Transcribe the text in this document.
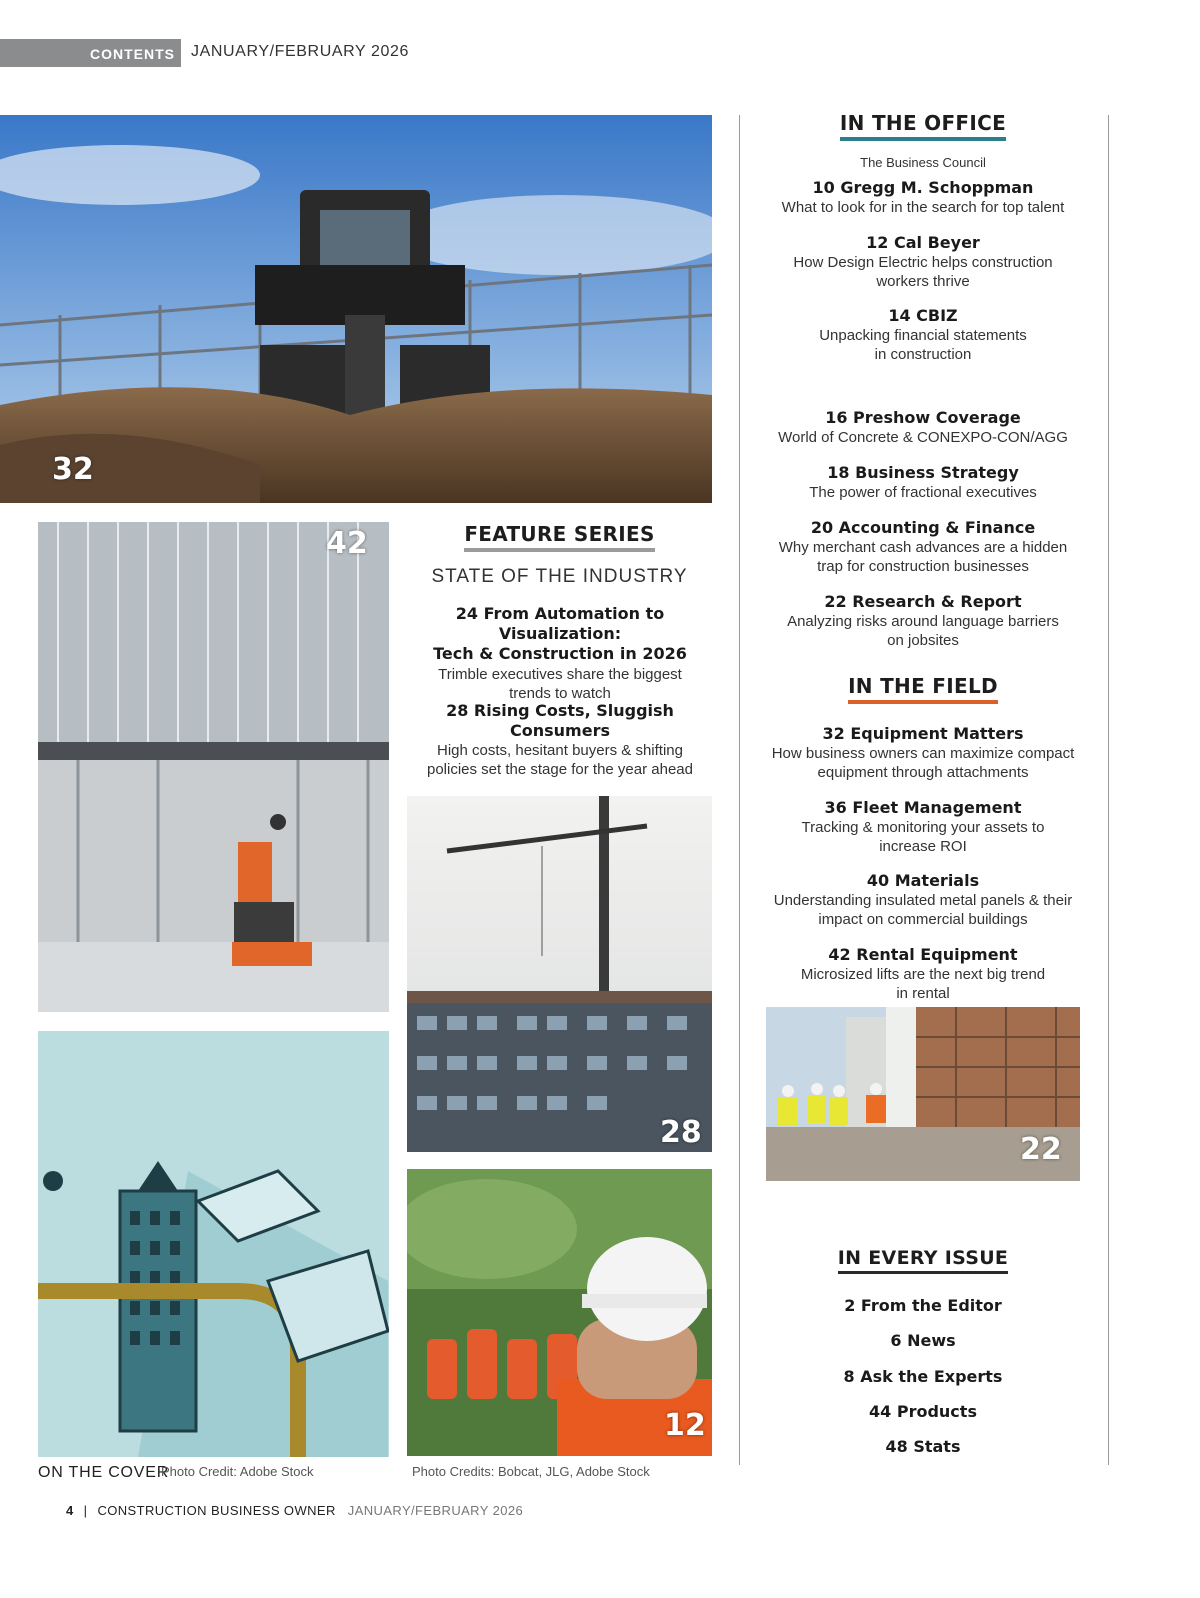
CONTENTS JANUARY/FEBRUARY 2026
32
42	FEATURE SERIES
STATE OF THE INDUSTRY
24 From Automation to Visualization:
Tech & Construction in 2026
Trimble executives share the biggest
trends to watch
28 Rising Costs, Sluggish Consumers
High costs, hesitant buyers & shifting
policies set the stage for the year ahead
28
12
IN THE OFFICE
The Business Council
10 Gregg M. Schoppman
What to look for in the search for top talent
12 Cal Beyer
How Design Electric helps construction
workers thrive
14 CBIZ
Unpacking financial statements
in construction
16 Preshow Coverage
World of Concrete & CONEXPO-CON/AGG
18 Business Strategy
The power of fractional executives
20 Accounting & Finance
Why merchant cash advances are a hidden
trap for construction businesses
22 Research & Report
Analyzing risks around language barriers
on jobsites
IN THE FIELD
32 Equipment Matters
How business owners can maximize compact
equipment through attachments
36 Fleet Management
Tracking & monitoring your assets to
increase ROI
40 Materials
Understanding insulated metal panels & their
impact on commercial buildings
42 Rental Equipment
Microsized lifts are the next big trend
in rental
22
IN EVERY ISSUE
2 From the Editor
6 News
8 Ask the Experts
44 Products
48 Stats
ON THE COVER
Photo Credit: Adobe Stock	Photo Credits: Bobcat, JLG, Adobe Stock
4 | CONSTRUCTION BUSINESS OWNER JANUARY/FEBRUARY 2026
